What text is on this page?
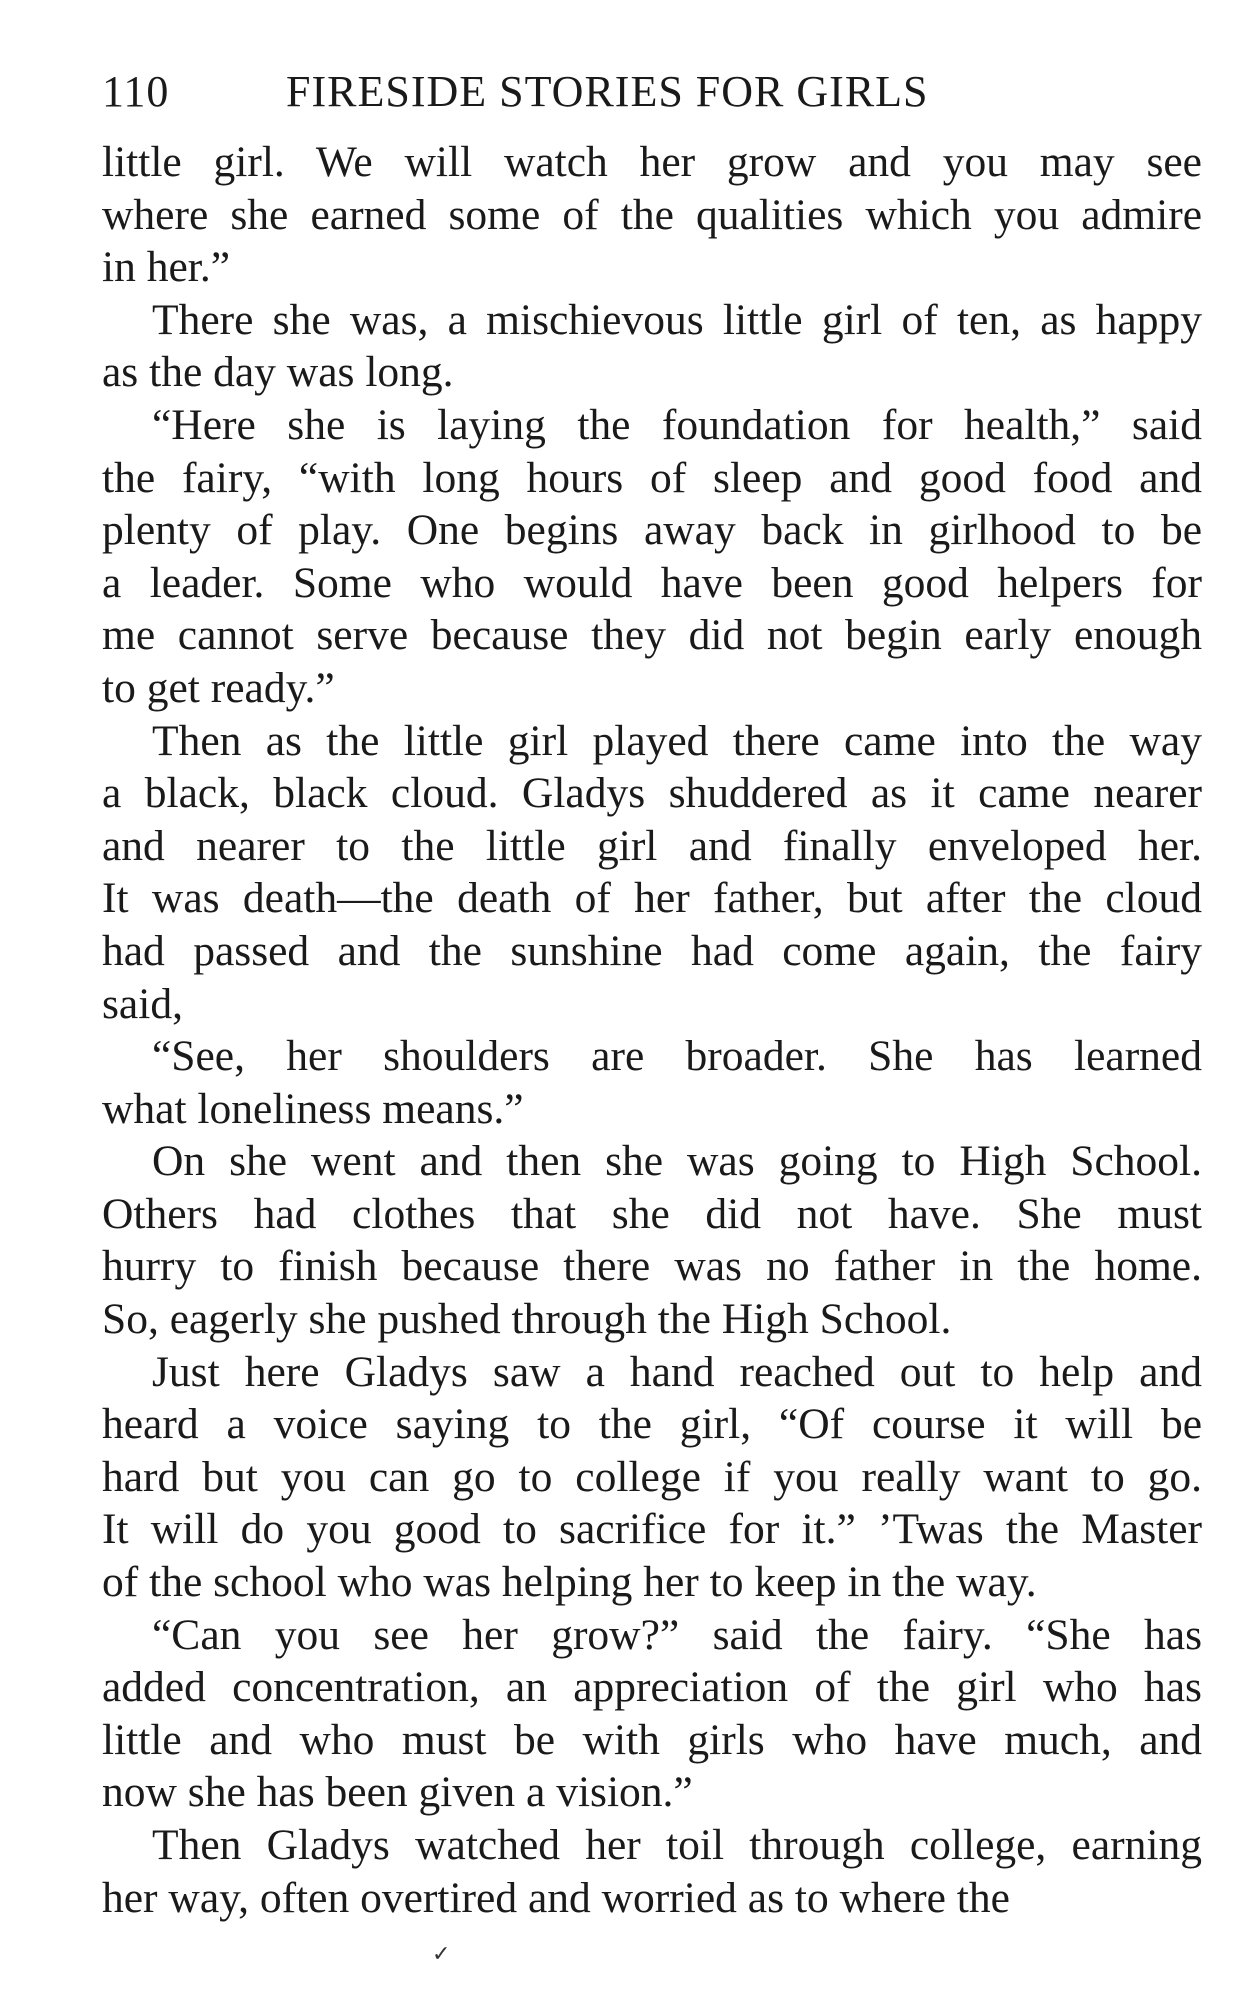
110	FIRESIDE STORIES FOR GIRLS

little girl. We will watch her grow and you may see
where she earned some of the qualities which you admire
in her.”

There she was, a mischievous little girl of ten, as happy
as the day was long.

“Here she is laying the foundation for health,” said
the fairy, “with long hours of sleep and good food and
plenty of play. One begins away back in girlhood to be
a leader. Some who would have been good helpers for
me cannot serve because they did not begin early enough
to get ready.”

Then as the little girl played there came into the way
a black, black cloud. Gladys shuddered as it came nearer
and nearer to the little girl and finally enveloped her.
It was death—the death of her father, but after the cloud
had passed and the sunshine had come again, the fairy
said,

“See, her shoulders are broader. She has learned
what loneliness means.”

On she went and then she was going to High School.
Others had clothes that she did not have. She must
hurry to finish because there was no father in the home.
So, eagerly she pushed through the High School.

Just here Gladys saw a hand reached out to help and
heard a voice saying to the girl, “Of course it will be
hard but you can go to college if you really want to go.
It will do you good to sacrifice for it.” ’Twas the Master
of the school who was helping her to keep in the way.

“Can you see her grow?” said the fairy. “She has
added concentration, an appreciation of the girl who has
little and who must be with girls who have much, and
now she has been given a vision.”

Then Gladys watched her toil through college, earning
her way, often overtired and worried as to where the

✓
